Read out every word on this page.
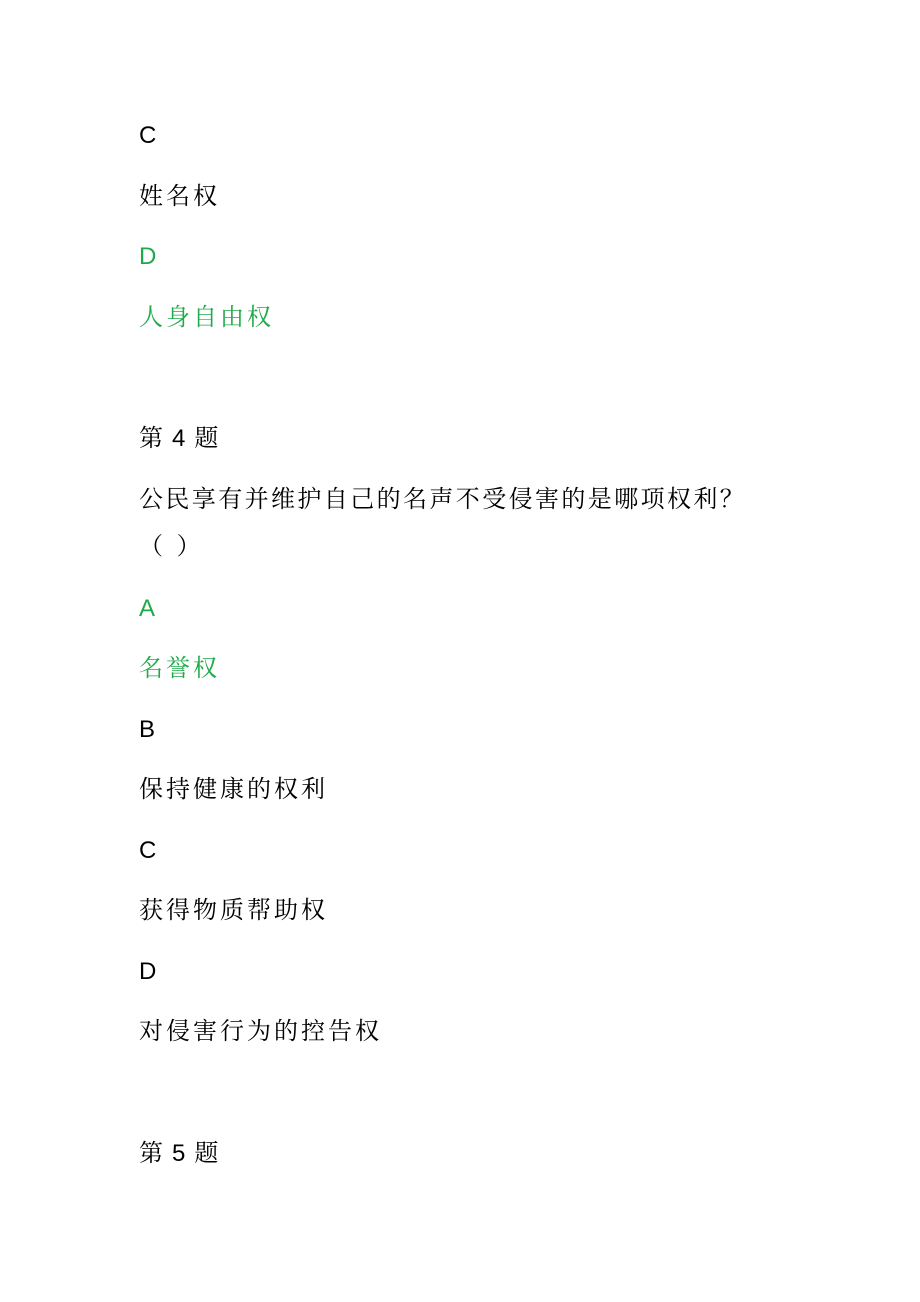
C

姓名权

D

人身自由权

第 4 题

公民享有并维护自己的名声不受侵害的是哪项权利？

（ ）

A

名誉权

B

保持健康的权利

C

获得物质帮助权

D

对侵害行为的控告权

第 5 题
